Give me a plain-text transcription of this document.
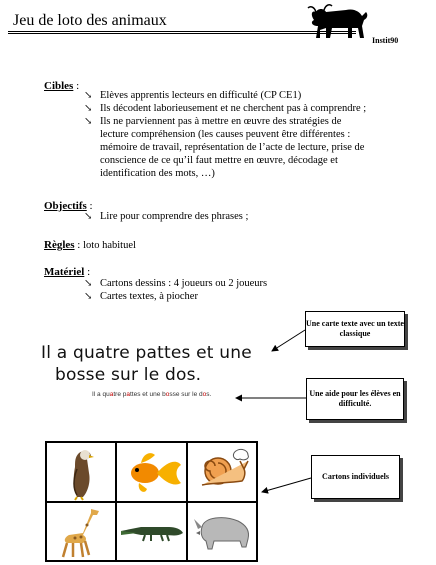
Jeu de loto des animaux
Instit90
Cibles :
↘ Elèves apprentis lecteurs en difficulté (CP CE1)
↘ Ils décodent laborieusement et ne cherchent pas à comprendre ;
↘ Ils ne parviennent pas à mettre en œuvre des stratégies de
lecture compréhension (les causes peuvent être différentes :
mémoire de travail, représentation de l’acte de lecture, prise de
conscience de ce qu’il faut mettre en œuvre, décodage et
identification des mots, …)
Objectifs :
↘ Lire pour comprendre des phrases ;
Règles : loto habituel
Matériel :
↘ Cartons dessins : 4 joueurs ou 2 joueurs
↘ Cartes textes, à piocher
Il a quatre pattes et une
bosse sur le dos.
Il a quatre pattes et une bosse sur le dos.
Une carte texte avec un texte classique
Une aide pour les élèves en difficulté.
Cartons individuels
